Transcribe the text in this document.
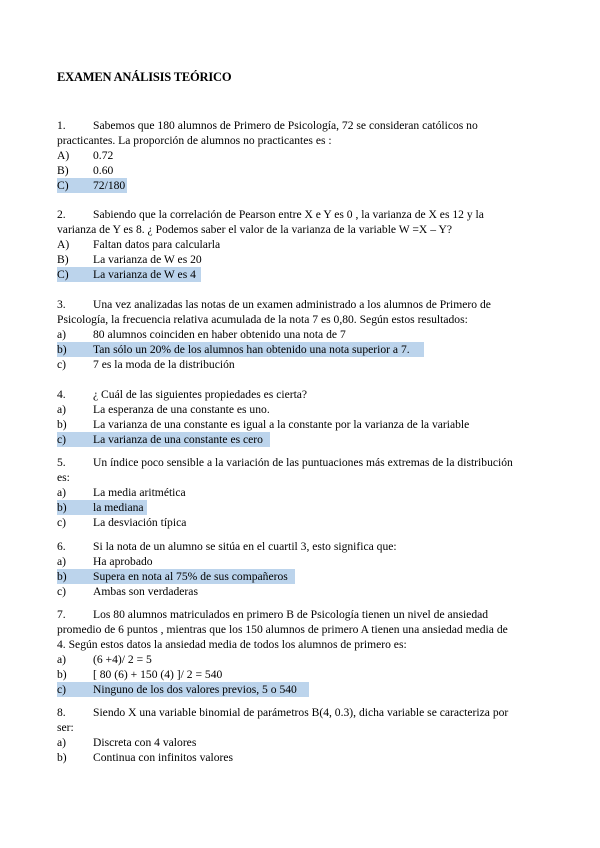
EXAMEN ANÁLISIS TEÓRICO
1. Sabemos que 180 alumnos de Primero de Psicología, 72 se consideran católicos no practicantes. La proporción de alumnos no practicantes es :
A) 0.72
B) 0.60
C) 72/180
2. Sabiendo que la correlación de Pearson entre X e Y es 0 , la varianza de X es 12 y la varianza de Y es 8. ¿ Podemos saber el valor de la varianza de la variable W =X – Y?
A) Faltan datos para calcularla
B) La varianza de W es 20
C) La varianza de W es 4
3. Una vez analizadas las notas de un examen administrado a los alumnos de Primero de Psicología, la frecuencia relativa acumulada de la nota 7 es 0,80. Según estos resultados:
a) 80 alumnos coinciden en haber obtenido una nota de 7
b) Tan sólo un 20% de los alumnos han obtenido una nota superior a 7.
c) 7 es la moda de la distribución
4. ¿ Cuál de las siguientes propiedades es cierta?
a) La esperanza de una constante es uno.
b) La varianza de una constante es igual a la constante por la varianza de la variable
c) La varianza de una constante es cero
5. Un índice poco sensible a la variación de las puntuaciones más extremas de la distribución es:
a) La media aritmética
b) la mediana
c) La desviación típica
6. Si la nota de un alumno se sitúa en el cuartil 3, esto significa que:
a) Ha aprobado
b) Supera en nota al 75% de sus compañeros
c) Ambas son verdaderas
7. Los 80 alumnos matriculados en primero B de Psicología tienen un nivel de ansiedad promedio de 6 puntos , mientras que los 150 alumnos de primero A tienen una ansiedad media de 4. Según estos datos la ansiedad media de todos los alumnos de primero es:
a) (6 +4)/ 2 = 5
b) [ 80 (6) + 150 (4) ]/ 2 = 540
c) Ninguno de los dos valores previos, 5 o 540
8. Siendo X una variable binomial de parámetros B(4, 0.3), dicha variable se caracteriza por ser:
a) Discreta con 4 valores
b) Continua con infinitos valores
